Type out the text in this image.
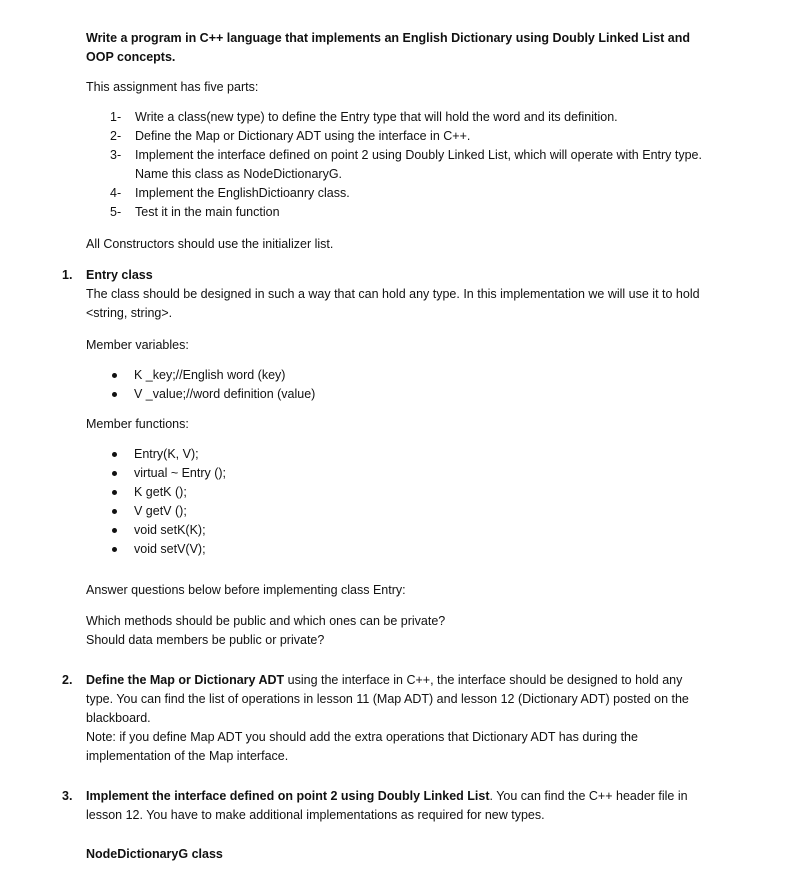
Write a program in C++ language that implements an English Dictionary using Doubly Linked List and OOP concepts.
This assignment has five parts:
1- Write a class(new type) to define the Entry type that will hold the word and its definition.
2- Define the Map or Dictionary ADT using the interface in C++.
3- Implement the interface defined on point 2 using Doubly Linked List, which will operate with Entry type. Name this class as NodeDictionaryG.
4- Implement the EnglishDictioanry class.
5- Test it in the main function
All Constructors should use the initializer list.
1. Entry class
The class should be designed in such a way that can hold any type. In this implementation we will use it to hold <string, string>.
Member variables:
K _key;//English word (key)
V _value;//word definition (value)
Member functions:
Entry(K, V);
virtual ~ Entry ();
K getK ();
V getV ();
void setK(K);
void setV(V);
Answer questions below before implementing class Entry:
Which methods should be public and which ones can be private?
Should data members be public or private?
2. Define the Map or Dictionary ADT using the interface in C++, the interface should be designed to hold any type. You can find the list of operations in lesson 11 (Map ADT) and lesson 12 (Dictionary ADT) posted on the blackboard.
Note: if you define Map ADT you should add the extra operations that Dictionary ADT has during the implementation of the Map interface.
3. Implement the interface defined on point 2 using Doubly Linked List. You can find the C++ header file in lesson 12. You have to make additional implementations as required for new types.
NodeDictionaryG class
